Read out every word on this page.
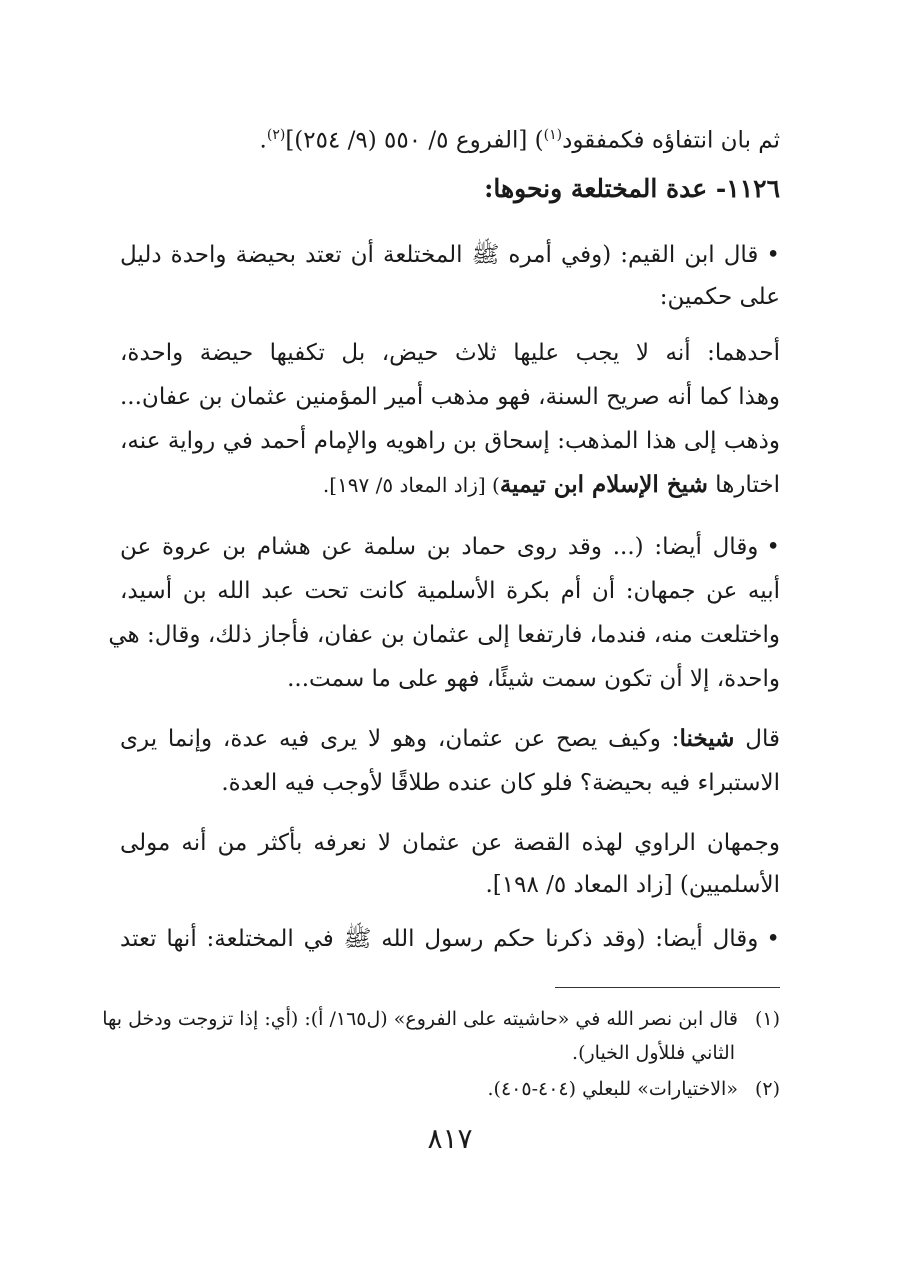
ثم بان انتفاؤه فكمفقود$^{(١)}$) [الفروع ٥/ ٥٥٠ (٩/ ٢٥٤)]$^{(٢)}$.
١١٢٦- عدة المختلعة ونحوها:
•قال ابن القيم: (وفي أمره ﷺ المختلعة أن تعتد بحيضة واحدة دليل
على حكمين:
أحدهما: أنه لا يجب عليها ثلاث حيض، بل تكفيها حيضة واحدة،
وهذا كما أنه صريح السنة، فهو مذهب أمير المؤمنين عثمان بن عفان...
وذهب إلى هذا المذهب: إسحاق بن راهويه والإمام أحمد في رواية عنه،
اختارها شيخ الإسلام ابن تيمية) [زاد المعاد ٥/ ١٩٧].
•وقال أيضا: (... وقد روى حماد بن سلمة عن هشام بن عروة عن
أبيه عن جمهان: أن أم بكرة الأسلمية كانت تحت عبد الله بن أسيد،
واختلعت منه، فندما، فارتفعا إلى عثمان بن عفان، فأجاز ذلك، وقال: هي
واحدة، إلا أن تكون سمت شيئًا، فهو على ما سمت...
قال شيخنا: وكيف يصح عن عثمان، وهو لا يرى فيه عدة، وإنما يرى
الاستبراء فيه بحيضة؟ فلو كان عنده طلاقًا لأوجب فيه العدة.
وجمهان الراوي لهذه القصة عن عثمان لا نعرفه بأكثر من أنه مولى
الأسلميين) [زاد المعاد ٥/ ١٩٨].
•وقال أيضا: (وقد ذكرنا حكم رسول الله ﷺ في المختلعة: أنها تعتد
(١) قال ابن نصر الله في «حاشيته على الفروع» (ل١٦٥/ أ): (أي: إذا تزوجت ودخل بها
الثاني فللأول الخيار).
(٢) «الاختيارات» للبعلي (٤٠٤-٤٠٥).
٨١٧
